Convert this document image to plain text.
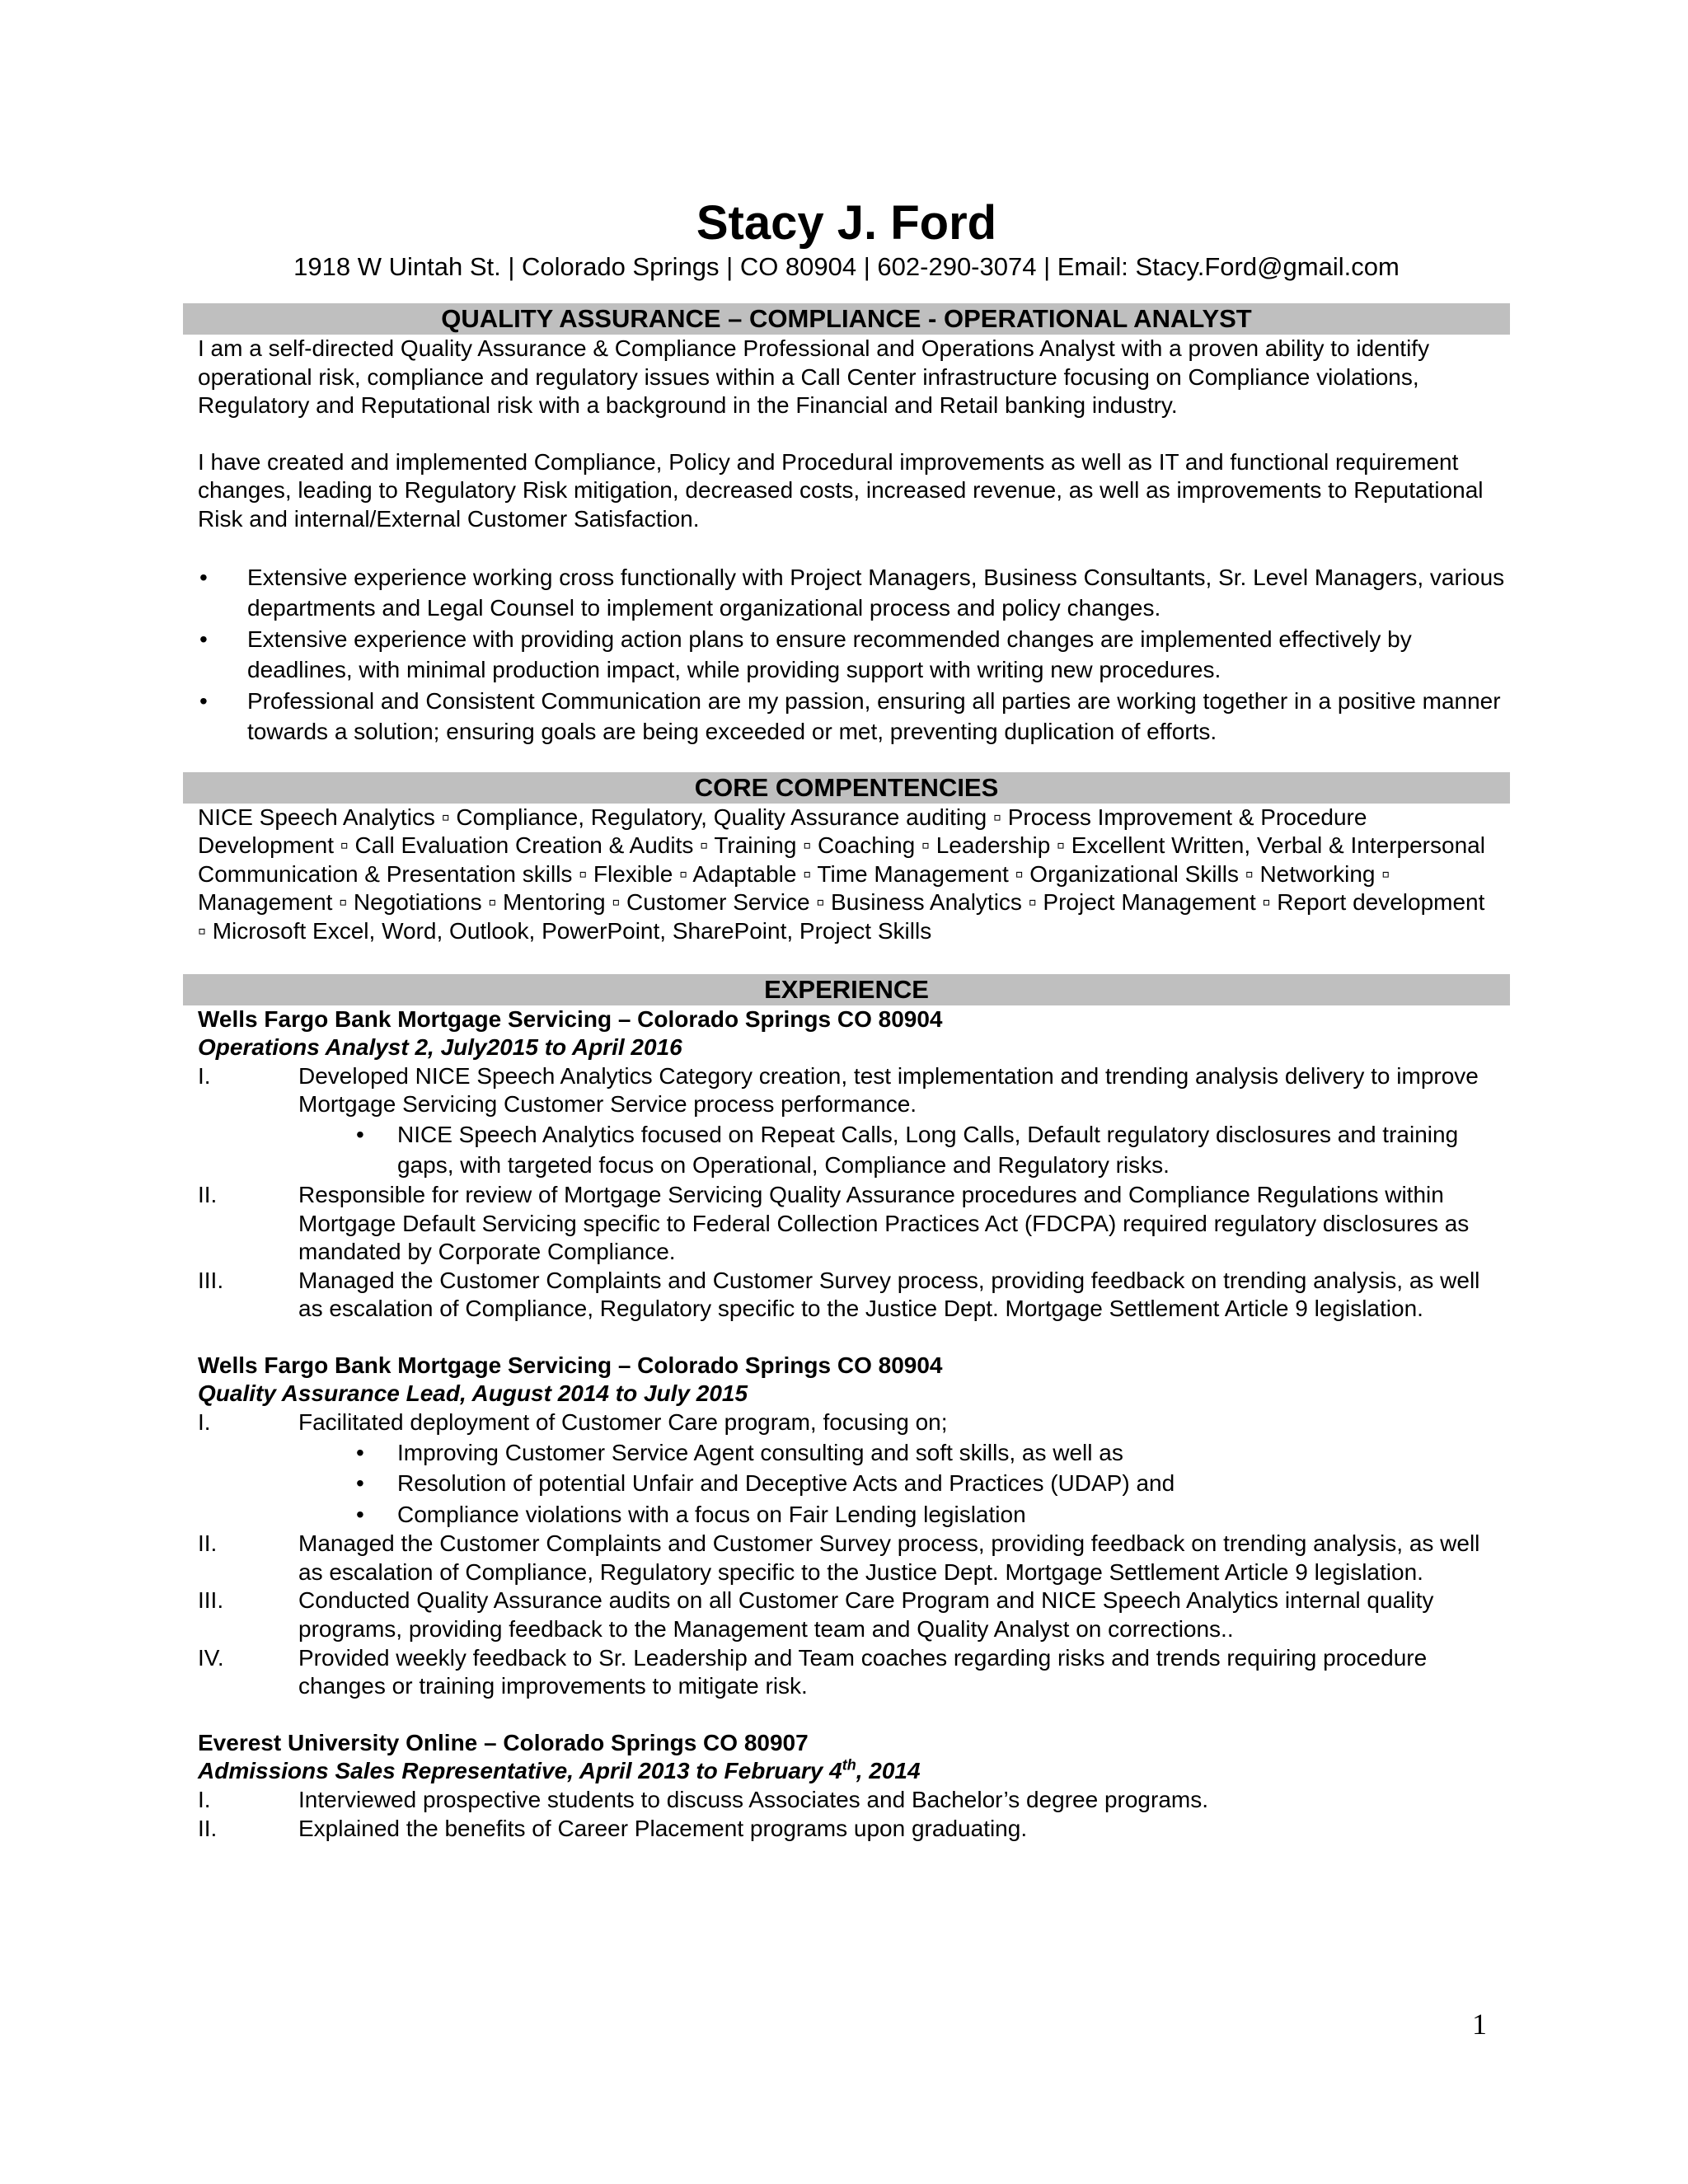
Stacy J. Ford
1918 W Uintah St. | Colorado Springs | CO 80904 | 602-290-3074 | Email: Stacy.Ford@gmail.com
QUALITY ASSURANCE – COMPLIANCE - OPERATIONAL ANALYST
I am a self-directed Quality Assurance & Compliance Professional and Operations Analyst with a proven ability to identify operational risk, compliance and regulatory issues within a Call Center infrastructure focusing on Compliance violations, Regulatory and Reputational risk with a background in the Financial and Retail banking industry.
I have created and implemented Compliance, Policy and Procedural improvements as well as IT and functional requirement changes, leading to Regulatory Risk mitigation, decreased costs, increased revenue, as well as improvements to Reputational Risk and internal/External Customer Satisfaction.
• Extensive experience working cross functionally with Project Managers, Business Consultants, Sr. Level Managers, various departments and Legal Counsel to implement organizational process and policy changes.
• Extensive experience with providing action plans to ensure recommended changes are implemented effectively by deadlines, with minimal production impact, while providing support with writing new procedures.
• Professional and Consistent Communication are my passion, ensuring all parties are working together in a positive manner towards a solution; ensuring goals are being exceeded or met, preventing duplication of efforts.
CORE COMPENTENCIES
NICE Speech Analytics ▫ Compliance, Regulatory, Quality Assurance auditing ▫ Process Improvement & Procedure Development ▫ Call Evaluation Creation & Audits ▫ Training ▫ Coaching ▫ Leadership ▫ Excellent Written, Verbal & Interpersonal Communication & Presentation skills ▫ Flexible ▫ Adaptable ▫ Time Management ▫ Organizational Skills ▫ Networking ▫ Management ▫ Negotiations ▫ Mentoring ▫ Customer Service ▫ Business Analytics ▫ Project Management ▫ Report development ▫ Microsoft Excel, Word, Outlook, PowerPoint, SharePoint, Project Skills
EXPERIENCE
Wells Fargo Bank Mortgage Servicing – Colorado Springs CO 80904
Operations Analyst 2, July2015 to April 2016
I.	Developed NICE Speech Analytics Category creation, test implementation and trending analysis delivery to improve Mortgage Servicing Customer Service process performance.
• NICE Speech Analytics focused on Repeat Calls, Long Calls, Default regulatory disclosures and training gaps, with targeted focus on Operational, Compliance and Regulatory risks.
II.	Responsible for review of Mortgage Servicing Quality Assurance procedures and Compliance Regulations within Mortgage Default Servicing specific to Federal Collection Practices Act (FDCPA) required regulatory disclosures as mandated by Corporate Compliance.
III.	Managed the Customer Complaints and Customer Survey process, providing feedback on trending analysis, as well as escalation of Compliance, Regulatory specific to the Justice Dept. Mortgage Settlement Article 9 legislation.
Wells Fargo Bank Mortgage Servicing – Colorado Springs CO 80904
Quality Assurance Lead, August 2014 to July 2015
I.	Facilitated deployment of Customer Care program, focusing on;
• Improving Customer Service Agent consulting and soft skills, as well as
• Resolution of potential Unfair and Deceptive Acts and Practices (UDAP) and
• Compliance violations with a focus on Fair Lending legislation
II.	Managed the Customer Complaints and Customer Survey process, providing feedback on trending analysis, as well as escalation of Compliance, Regulatory specific to the Justice Dept. Mortgage Settlement Article 9 legislation.
III.	Conducted Quality Assurance audits on all Customer Care Program and NICE Speech Analytics internal quality programs, providing feedback to the Management team and Quality Analyst on corrections..
IV.	Provided weekly feedback to Sr. Leadership and Team coaches regarding risks and trends requiring procedure changes or training improvements to mitigate risk.
Everest University Online – Colorado Springs CO 80907
Admissions Sales Representative, April 2013 to February 4th, 2014
I.	Interviewed prospective students to discuss Associates and Bachelor’s degree programs.
II.	Explained the benefits of Career Placement programs upon graduating.
1
